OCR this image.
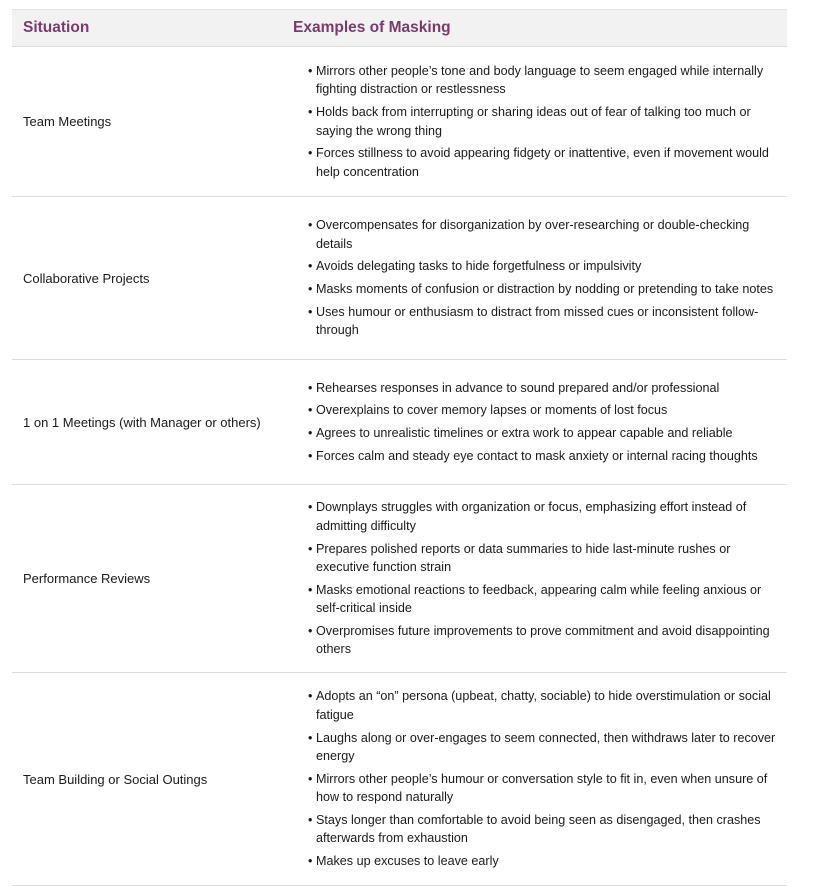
Situation	Examples of Masking
Team Meetings
• Mirrors other people’s tone and body language to seem engaged while internally fighting distraction or restlessness
• Holds back from interrupting or sharing ideas out of fear of talking too much or saying the wrong thing
• Forces stillness to avoid appearing fidgety or inattentive, even if movement would help concentration
Collaborative Projects
• Overcompensates for disorganization by over-researching or double-checking details
• Avoids delegating tasks to hide forgetfulness or impulsivity
• Masks moments of confusion or distraction by nodding or pretending to take notes
• Uses humour or enthusiasm to distract from missed cues or inconsistent follow-through
1 on 1 Meetings (with Manager or others)
• Rehearses responses in advance to sound prepared and/or professional
• Overexplains to cover memory lapses or moments of lost focus
• Agrees to unrealistic timelines or extra work to appear capable and reliable
• Forces calm and steady eye contact to mask anxiety or internal racing thoughts
Performance Reviews
• Downplays struggles with organization or focus, emphasizing effort instead of admitting difficulty
• Prepares polished reports or data summaries to hide last-minute rushes or executive function strain
• Masks emotional reactions to feedback, appearing calm while feeling anxious or self-critical inside
• Overpromises future improvements to prove commitment and avoid disappointing others
Team Building or Social Outings
• Adopts an “on” persona (upbeat, chatty, sociable) to hide overstimulation or social fatigue
• Laughs along or over-engages to seem connected, then withdraws later to recover energy
• Mirrors other people’s humour or conversation style to fit in, even when unsure of how to respond naturally
• Stays longer than comfortable to avoid being seen as disengaged, then crashes afterwards from exhaustion
• Makes up excuses to leave early
